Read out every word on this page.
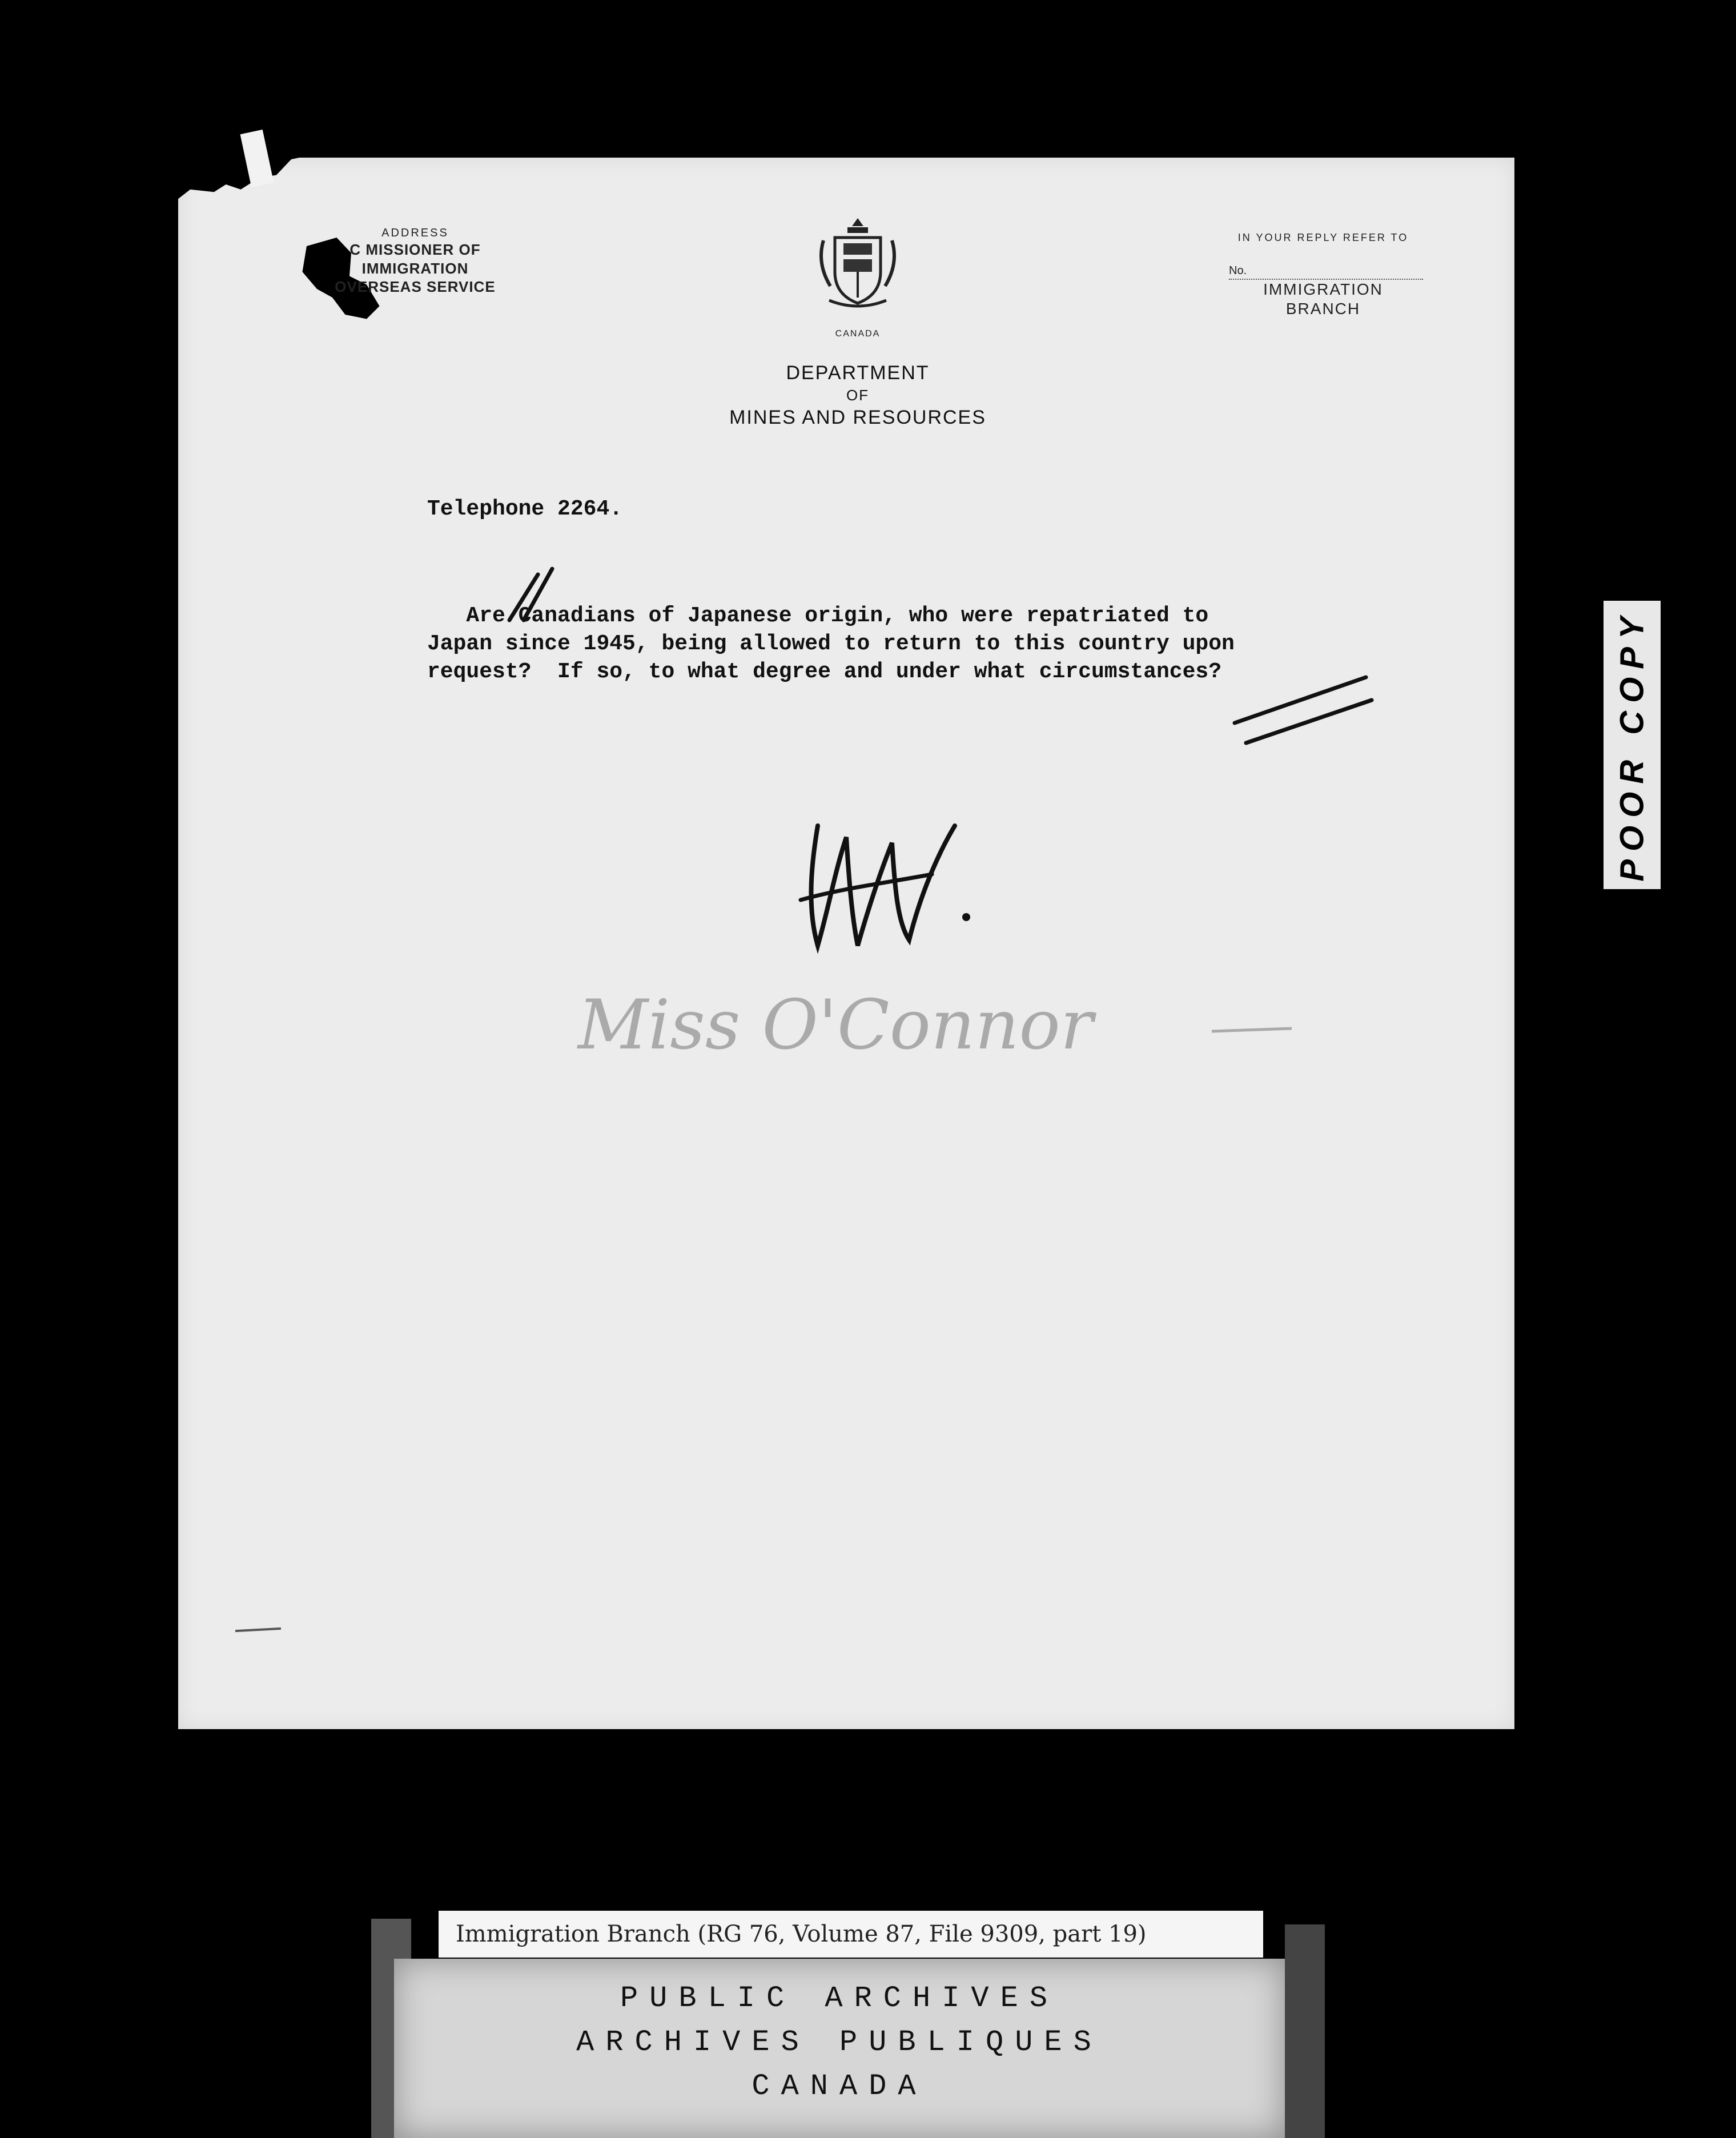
ADDRESS
C MISSIONER OF IMMIGRATION
OVERSEAS SERVICE
CANADA
DEPARTMENT
OF
MINES AND RESOURCES
IN YOUR REPLY REFER TO
No.
IMMIGRATION
BRANCH
Telephone 2264.
Are Canadians of Japanese origin, who were repatriated to
Japan since 1945, being allowed to return to this country upon
request?  If so, to what degree and under what circumstances?
Miss O'Connor
POOR COPY
Immigration Branch (RG 76, Volume 87, File 9309, part 19)
PUBLIC ARCHIVES
ARCHIVES PUBLIQUES
CANADA
